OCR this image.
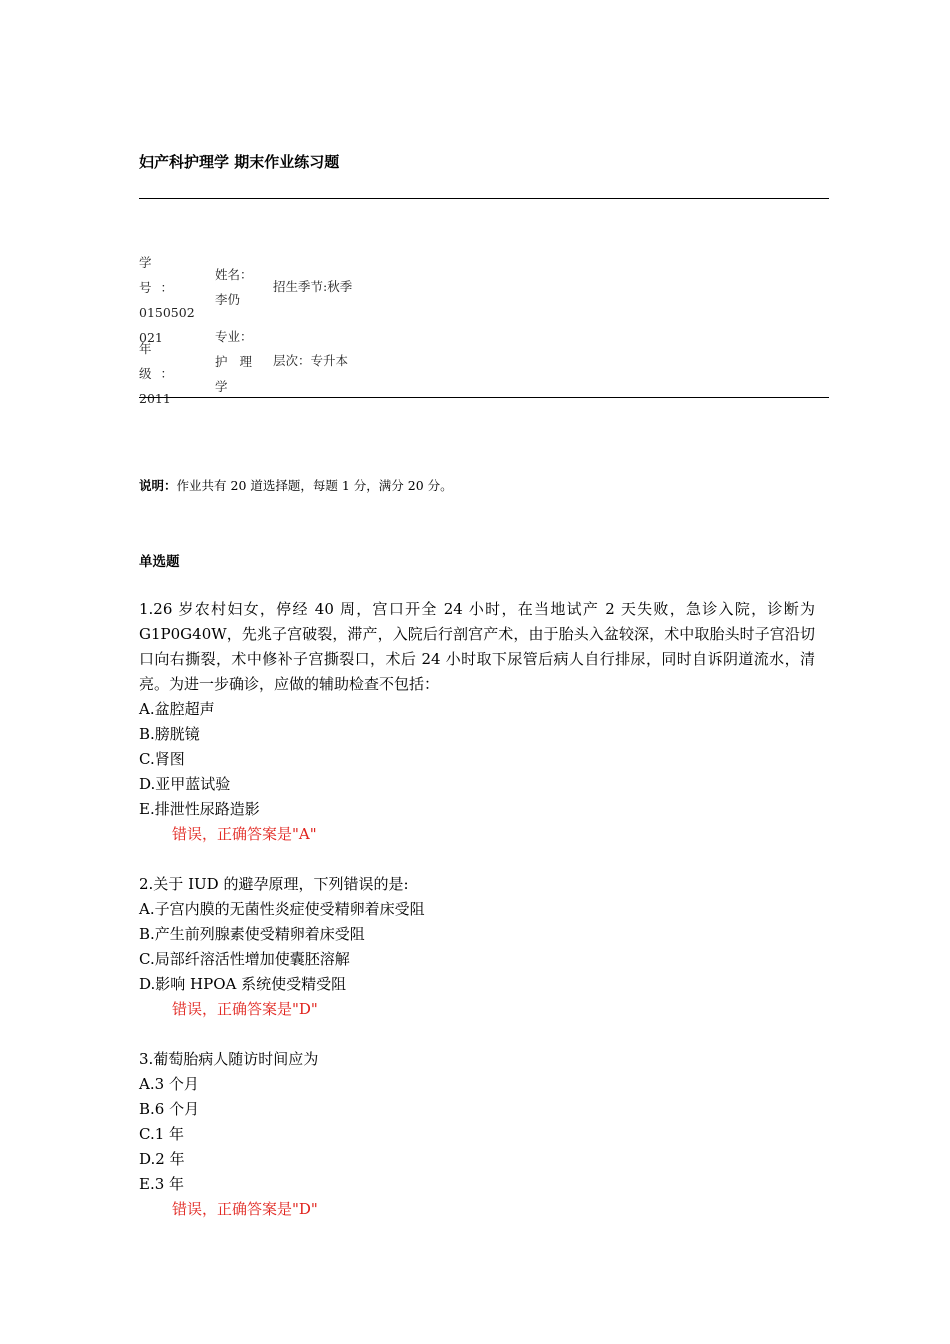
妇产科护理学 期末作业练习题
学号：
0150502021
姓名：
李仍
招生季节:秋季
年级：
2011
专业：
护理学
层次：专升本
说明：作业共有 20 道选择题，每题 1 分，满分 20 分。
单选题
1.26 岁农村妇女，停经 40 周，宫口开全 24 小时，在当地试产 2 天失败，急诊入院，诊断为 G1P0G40W，先兆子宫破裂，滞产，入院后行剖宫产术，由于胎头入盆较深，术中取胎头时子宫沿切口向右撕裂，术中修补子宫撕裂口，术后 24 小时取下尿管后病人自行排尿，同时自诉阴道流水，清亮。为进一步确诊，应做的辅助检查不包括：
A.盆腔超声
B.膀胱镜
C.肾图
D.亚甲蓝试验
E.排泄性尿路造影
错误，正确答案是"A"
2.关于 IUD 的避孕原理，下列错误的是:
A.子宫内膜的无菌性炎症使受精卵着床受阻
B.产生前列腺素使受精卵着床受阻
C.局部纤溶活性增加使囊胚溶解
D.影响 HPOA 系统使受精受阻
错误，正确答案是"D"
3.葡萄胎病人随访时间应为
A.3 个月
B.6 个月
C.1 年
D.2 年
E.3 年
错误，正确答案是"D"
